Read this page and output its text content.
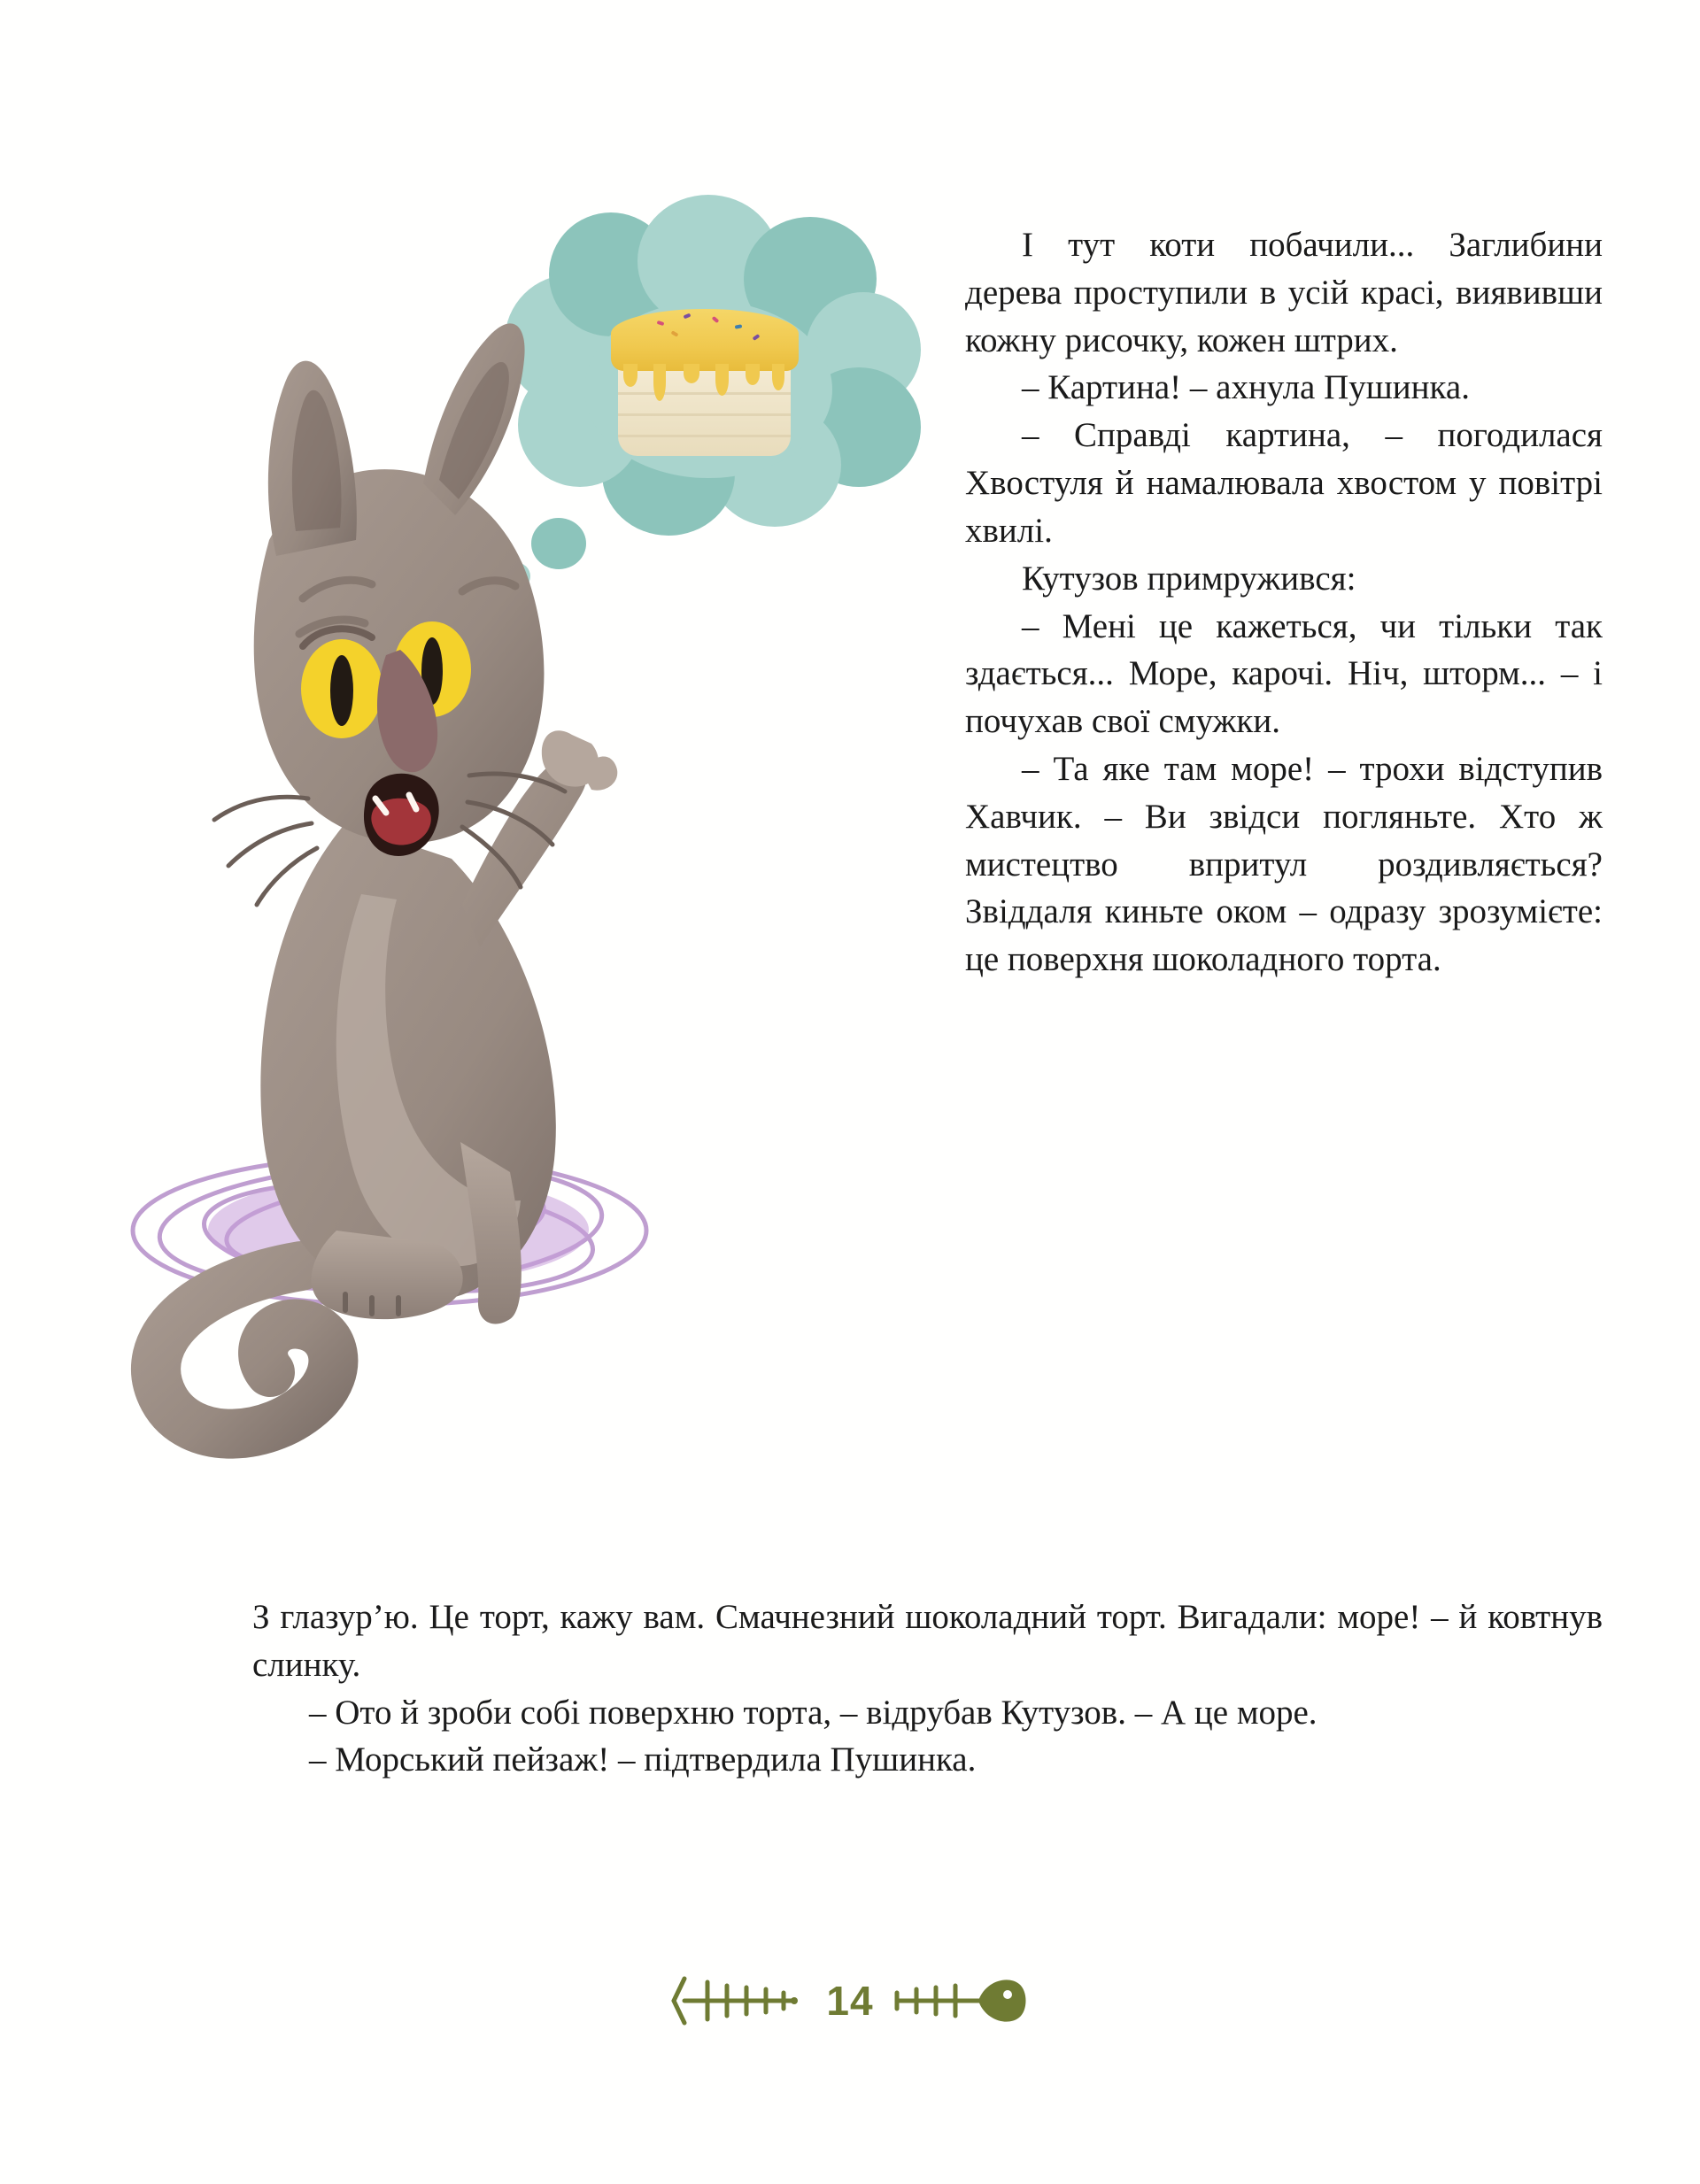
І тут коти побачили... Заглибини дерева проступили в усій красі, виявивши кожну рисочку, кожен штрих.

– Картина! – ахнула Пушинка.

– Справді картина, – погодилася Хвостуля й намалювала хвостом у повітрі хвилі.

Кутузов примружився:

– Мені це кажеться, чи тільки так здається... Море, карочі. Ніч, шторм... – і почухав свої смужки.

– Та яке там море! – трохи відступив Хавчик. – Ви звідси погляньте. Хто ж мистецтво впритул роздивляється? Звіддаля киньте оком – одразу зрозумієте: це поверхня шоколадного торта.

З глазур’ю. Це торт, кажу вам. Смачнезний шоколадний торт. Вигадали: море! – й ковтнув слинку.

– Ото й зроби собі поверхню торта, – відрубав Кутузов. – А це море.

– Морський пейзаж! – підтвердила Пушинка.

14
